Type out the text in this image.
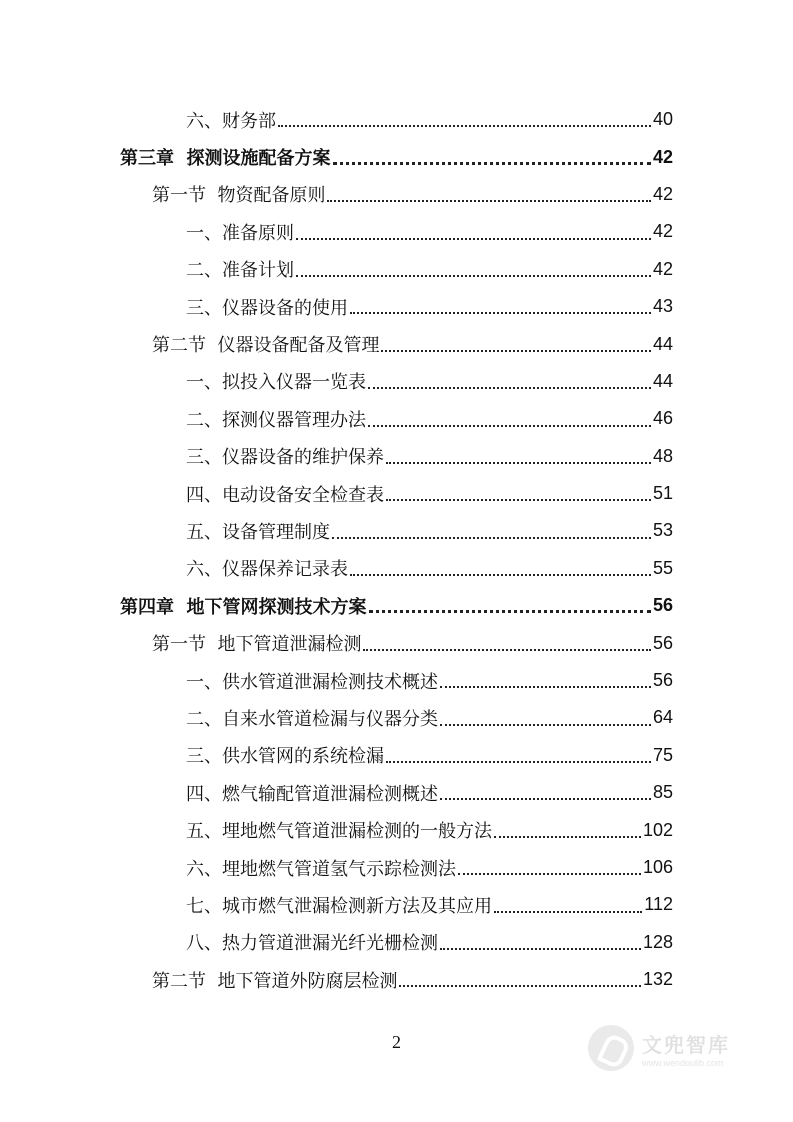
六、财务部	40
第三章  探测设施配备方案	42
第一节  物资配备原则	42
一、准备原则	42
二、准备计划	42
三、仪器设备的使用	43
第二节  仪器设备配备及管理	44
一、拟投入仪器一览表	44
二、探测仪器管理办法	46
三、仪器设备的维护保养	48
四、电动设备安全检查表	51
五、设备管理制度	53
六、仪器保养记录表	55
第四章  地下管网探测技术方案	56
第一节  地下管道泄漏检测	56
一、供水管道泄漏检测技术概述	56
二、自来水管道检漏与仪器分类	64
三、供水管网的系统检漏	75
四、燃气输配管道泄漏检测概述	85
五、埋地燃气管道泄漏检测的一般方法	102
六、埋地燃气管道氢气示踪检测法	106
七、城市燃气泄漏检测新方法及其应用	112
八、热力管道泄漏光纤光栅检测	128
第二节  地下管道外防腐层检测	132
2	文兜智库
www.wendoulib.com
